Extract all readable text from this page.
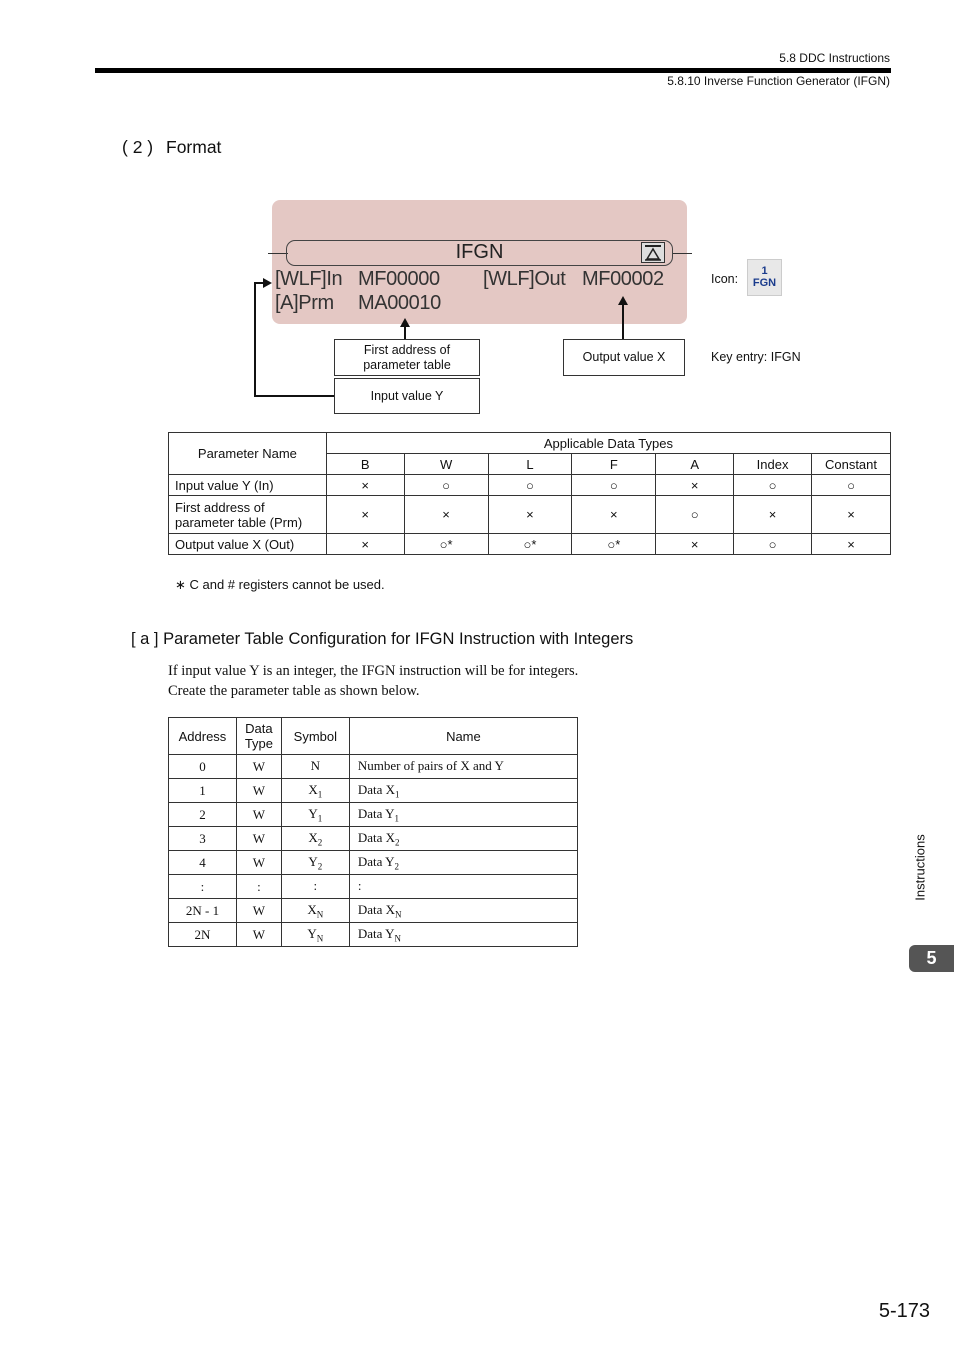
5.8 DDC Instructions
5.8.10 Inverse Function Generator (IFGN)
( 2 ) Format
IFGN
[WLF]In MF00000 [WLF]Out MF00002
[A]Prm MA00010
First address of parameter table
Input value Y
Output value X
Icon:
1
FGN
Key entry: IFGN
Parameter Name	Applicable Data Types						
	B	W	L	F	A	Index	Constant
Input value Y (In)	×	○	○	○	×	○	○
First address of parameter table (Prm)	×	×	×	×	○	×	×
Output value X (Out)	×	○*	○*	○*	×	○	×
∗ C and # registers cannot be used.
[ a ] Parameter Table Configuration for IFGN Instruction with Integers
If input value Y is an integer, the IFGN instruction will be for integers.
Create the parameter table as shown below.
Address	Data Type	Symbol	Name
0	W	N	Number of pairs of X and Y
1	W	$X_1$	Data $X_1$
2	W	$Y_1$	Data $Y_1$
3	W	$X_2$	Data $X_2$
4	W	$Y_2$	Data $Y_2$
:	:	:	:
2N - 1	W	$X_N$	Data $X_N$
2N	W	$Y_N$	Data $Y_N$
Instructions
5
5-173
